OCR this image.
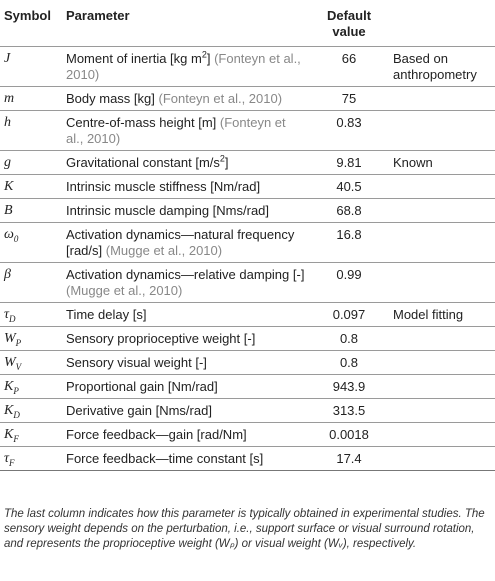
Symbol	Parameter	Default
value	
J	Moment of inertia [kg $m^2$] (Fonteyn et al., 2010)	66	Based on anthropometry
m	Body mass [kg] (Fonteyn et al., 2010)	75	
h	Centre-of-mass height [m] (Fonteyn et al., 2010)	0.83	
g	Gravitational constant $[m/s^2]$	9.81	Known
K	Intrinsic muscle stiffness [Nm/rad]	40.5	
B	Intrinsic muscle damping [Nms/rad]	68.8	
$\omega_0$	Activation dynamics—natural frequency [rad/s] (Mugge et al., 2010)	16.8	
β	Activation dynamics—relative damping [-] (Mugge et al., 2010)	0.99	
$\tau_D$	Time delay [s]	0.097	Model fitting
$W_P$	Sensory proprioceptive weight [-]	0.8	
$W_V$	Sensory visual weight [-]	0.8	
$K_P$	Proportional gain [Nm/rad]	943.9	
$K_D$	Derivative gain [Nms/rad]	313.5	
$K_F$	Force feedback—gain [rad/Nm]	0.0018	
$\tau_F$	Force feedback—time constant [s]	17.4	
The last column indicates how this parameter is typically obtained in experimental studies. The sensory weight depends on the perturbation, i.e., support surface or visual surround rotation, and represents the proprioceptive weight (Wₚ) or visual weight (Wᵥ), respectively.
